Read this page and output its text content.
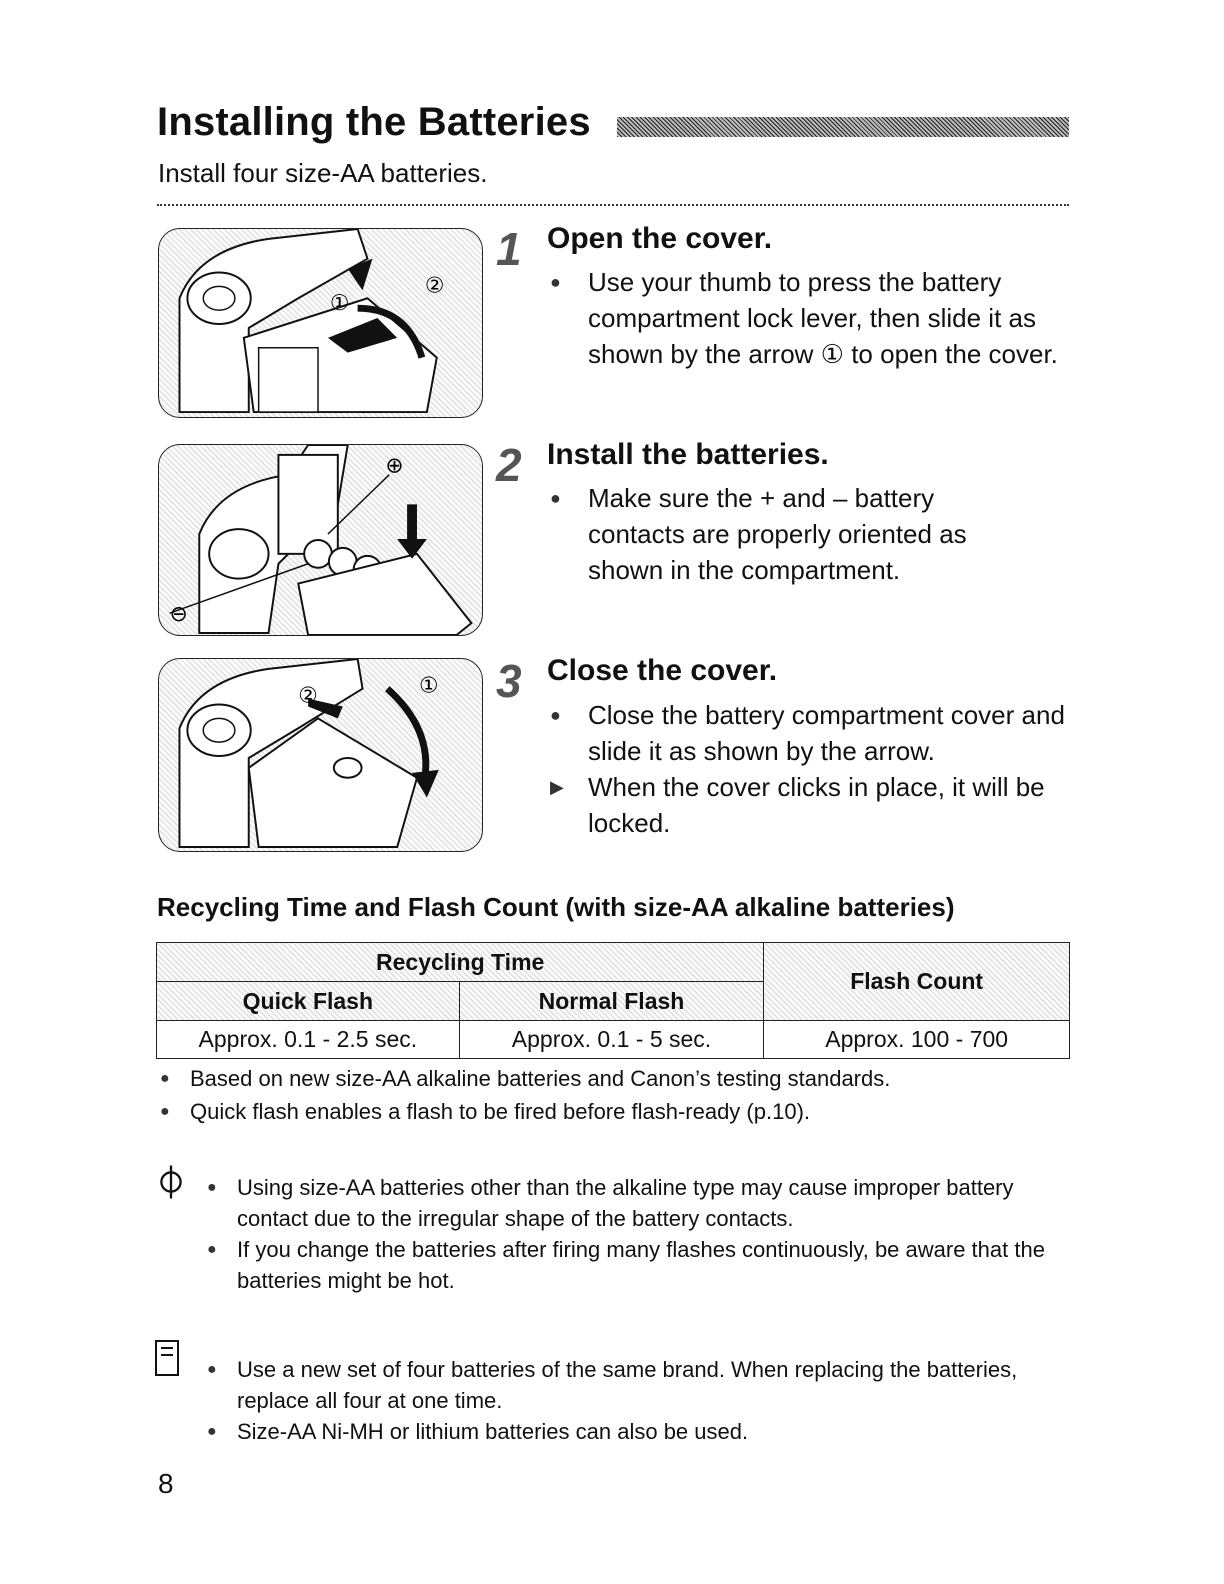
Installing the Batteries
Install four size-AA batteries.
①
②
⊕
⊖
②	①
1 Open the cover.
●	Use your thumb to press the battery compartment lock lever, then slide it as shown by the arrow ① to open the cover.
2 Install the batteries.
●	Make sure the + and – battery contacts are properly oriented as shown in the compartment.
3 Close the cover.
●	Close the battery compartment cover and slide it as shown by the arrow.
▶ When the cover clicks in place, it will be locked.
Recycling Time and Flash Count (with size-AA alkaline batteries)
Recycling Time		Flash Count
Quick Flash	Normal Flash	
Approx. 0.1 - 2.5 sec.	Approx. 0.1 - 5 sec.	Approx. 100 - 700
● Based on new size-AA alkaline batteries and Canon’s testing standards.
● Quick flash enables a flash to be fired before flash-ready (p.10).
⏀ ● Using size-AA batteries other than the alkaline type may cause improper battery contact due to the irregular shape of the battery contacts.
● If you change the batteries after firing many flashes continuously, be aware that the batteries might be hot.
● Use a new set of four batteries of the same brand. When replacing the batteries, replace all four at one time.
● Size-AA Ni-MH or lithium batteries can also be used.
8
